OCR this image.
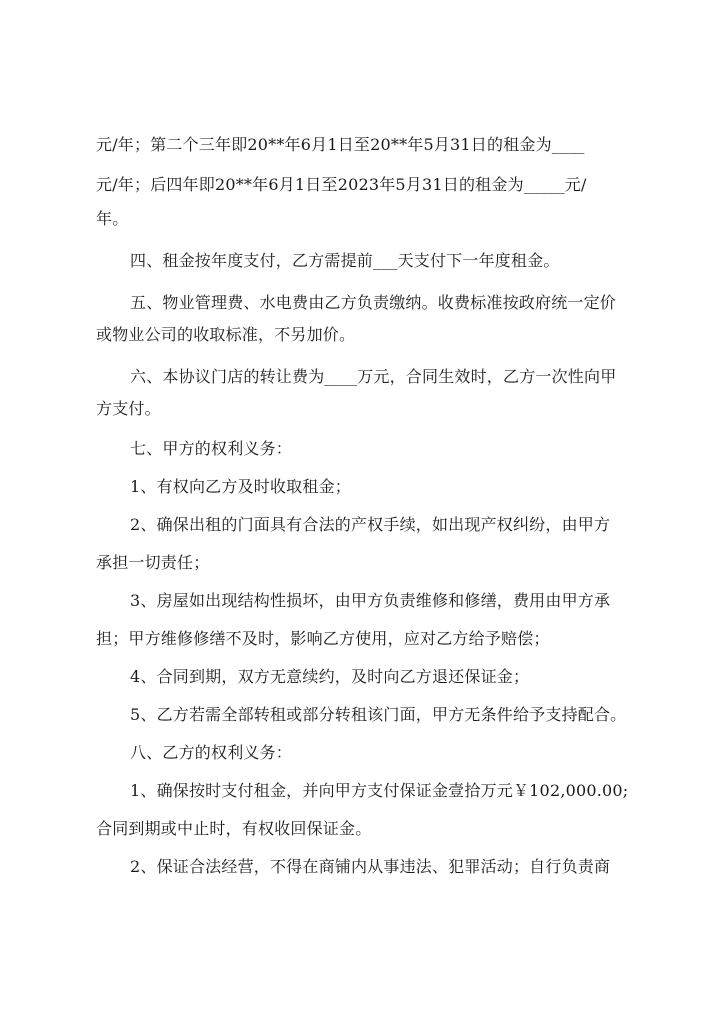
元/年；第二个三年即20**年6月1日至20**年5月31日的租金为____
元/年；后四年即20**年6月1日至2023年5月31日的租金为_____元/
年。
四、租金按年度支付，乙方需提前___天支付下一年度租金。
五、物业管理费、水电费由乙方负责缴纳。收费标准按政府统一定价
或物业公司的收取标准，不另加价。
六、本协议门店的转让费为____万元，合同生效时，乙方一次性向甲
方支付。
七、甲方的权利义务：
1、有权向乙方及时收取租金；
2、确保出租的门面具有合法的产权手续，如出现产权纠纷，由甲方
承担一切责任；
3、房屋如出现结构性损坏，由甲方负责维修和修缮，费用由甲方承
担；甲方维修修缮不及时，影响乙方使用，应对乙方给予赔偿；
4、合同到期，双方无意续约，及时向乙方退还保证金；
5、乙方若需全部转租或部分转租该门面，甲方无条件给予支持配合。
八、乙方的权利义务：
1、确保按时支付租金，并向甲方支付保证金壹拾万元￥102,000.00;
合同到期或中止时，有权收回保证金。
2、保证合法经营，不得在商铺内从事违法、犯罪活动；自行负责商
